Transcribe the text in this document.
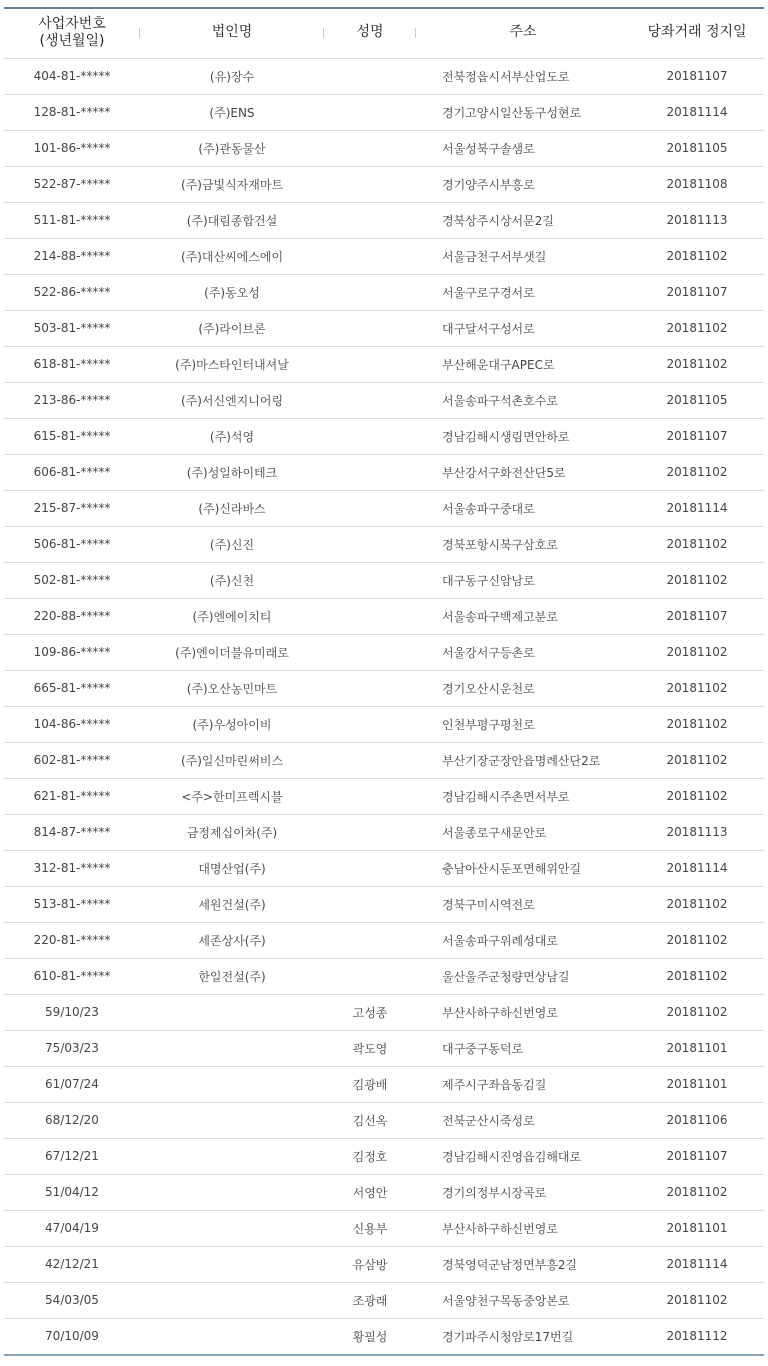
사업자번호
(생년월일)	법인명	성명	주소	당좌거래 정지일
404-81-*****	(유)장수		전북정읍시서부산업도로	20181107
128-81-*****	(주)ENS		경기고양시일산동구성현로	20181114
101-86-*****	(주)관동물산		서울성북구솔샘로	20181105
522-87-*****	(주)금빛식자재마트		경기양주시부흥로	20181108
511-81-*****	(주)대림종합건설		경북상주시상서문2길	20181113
214-88-*****	(주)대산씨에스에이		서울금천구서부샛길	20181102
522-86-*****	(주)동오성		서울구로구경서로	20181107
503-81-*****	(주)라이브론		대구달서구성서로	20181102
618-81-*****	(주)마스타인터내셔날		부산해운대구APEC로	20181102
213-86-*****	(주)서신엔지니어링		서울송파구석촌호수로	20181105
615-81-*****	(주)석영		경남김해시생림면안하로	20181107
606-81-*****	(주)성일하이테크		부산강서구화전산단5로	20181102
215-87-*****	(주)신라바스		서울송파구중대로	20181114
506-81-*****	(주)신진		경북포항시북구삼호로	20181102
502-81-*****	(주)신천		대구동구신암남로	20181102
220-88-*****	(주)엔에이치티		서울송파구백제고분로	20181107
109-86-*****	(주)엔이더블유미래로		서울강서구등촌로	20181102
665-81-*****	(주)오산농민마트		경기오산시운천로	20181102
104-86-*****	(주)우성아이비		인천부평구평천로	20181102
602-81-*****	(주)일신마린써비스		부산기장군장안읍명례산단2로	20181102
621-81-*****	<주>한미프렉시블		경남김해시주촌면서부로	20181102
814-87-*****	금정제십이차(주)		서울종로구새문안로	20181113
312-81-*****	대명산업(주)		충남아산시둔포면해위안길	20181114
513-81-*****	세원건설(주)		경북구미시역전로	20181102
220-81-*****	세존상사(주)		서울송파구위례성대로	20181102
610-81-*****	한일전설(주)		울산울주군청량면상남길	20181102
59/10/23		고성종	부산사하구하신번영로	20181102
75/03/23		곽도영	대구중구동덕로	20181101
61/07/24		김광배	제주시구좌읍동김길	20181101
68/12/20		김선옥	전북군산시죽성로	20181106
67/12/21		김정호	경남김해시진영읍김해대로	20181107
51/04/12		서영안	경기의정부시장곡로	20181102
47/04/19		신용부	부산사하구하신번영로	20181101
42/12/21		유삼방	경북영덕군남정면부흥2길	20181114
54/03/05		조광래	서울양천구목동중앙본로	20181102
70/10/09		황필성	경기파주시청암로17번길	20181112
